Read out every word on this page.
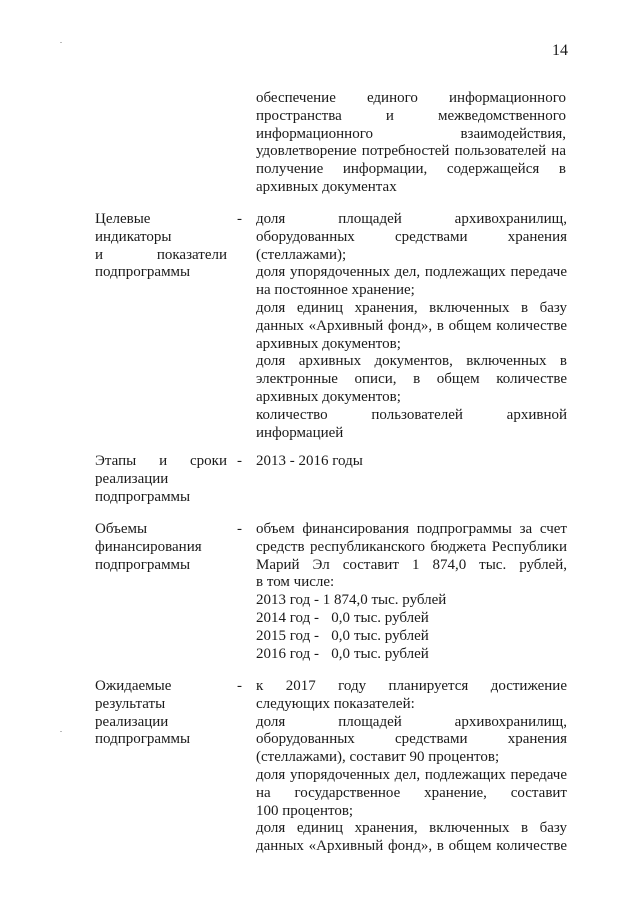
14
обеспечение единого информационного
пространства и межведомственного
информационного взаимодействия,
удовлетворение потребностей пользователей на
получение информации, содержащейся в
архивных документах
Целевые
индикаторы
и показатели
подпрограммы
- доля площадей архивохранилищ,
оборудованных средствами хранения
(стеллажами);
доля упорядоченных дел, подлежащих передаче
на постоянное хранение;
доля единиц хранения, включенных в базу
данных «Архивный фонд», в общем количестве
архивных документов;
доля архивных документов, включенных в
электронные описи, в общем количестве
архивных документов;
количество пользователей архивной
информацией
Этапы и сроки
реализации
подпрограммы
- 2013 - 2016 годы
Объемы
финансирования
подпрограммы
- объем финансирования подпрограммы за счет
средств республиканского бюджета Республики
Марий Эл составит 1 874,0 тыс. рублей,
в том числе:
2013 год - 1 874,0 тыс. рублей
2014 год - 0,0 тыс. рублей
2015 год - 0,0 тыс. рублей
2016 год - 0,0 тыс. рублей
Ожидаемые
результаты
реализации
подпрограммы
- к 2017 году планируется достижение
следующих показателей:
доля площадей архивохранилищ,
оборудованных средствами хранения
(стеллажами), составит 90 процентов;
доля упорядоченных дел, подлежащих передаче
на государственное хранение, составит
100 процентов;
доля единиц хранения, включенных в базу
данных «Архивный фонд», в общем количестве
